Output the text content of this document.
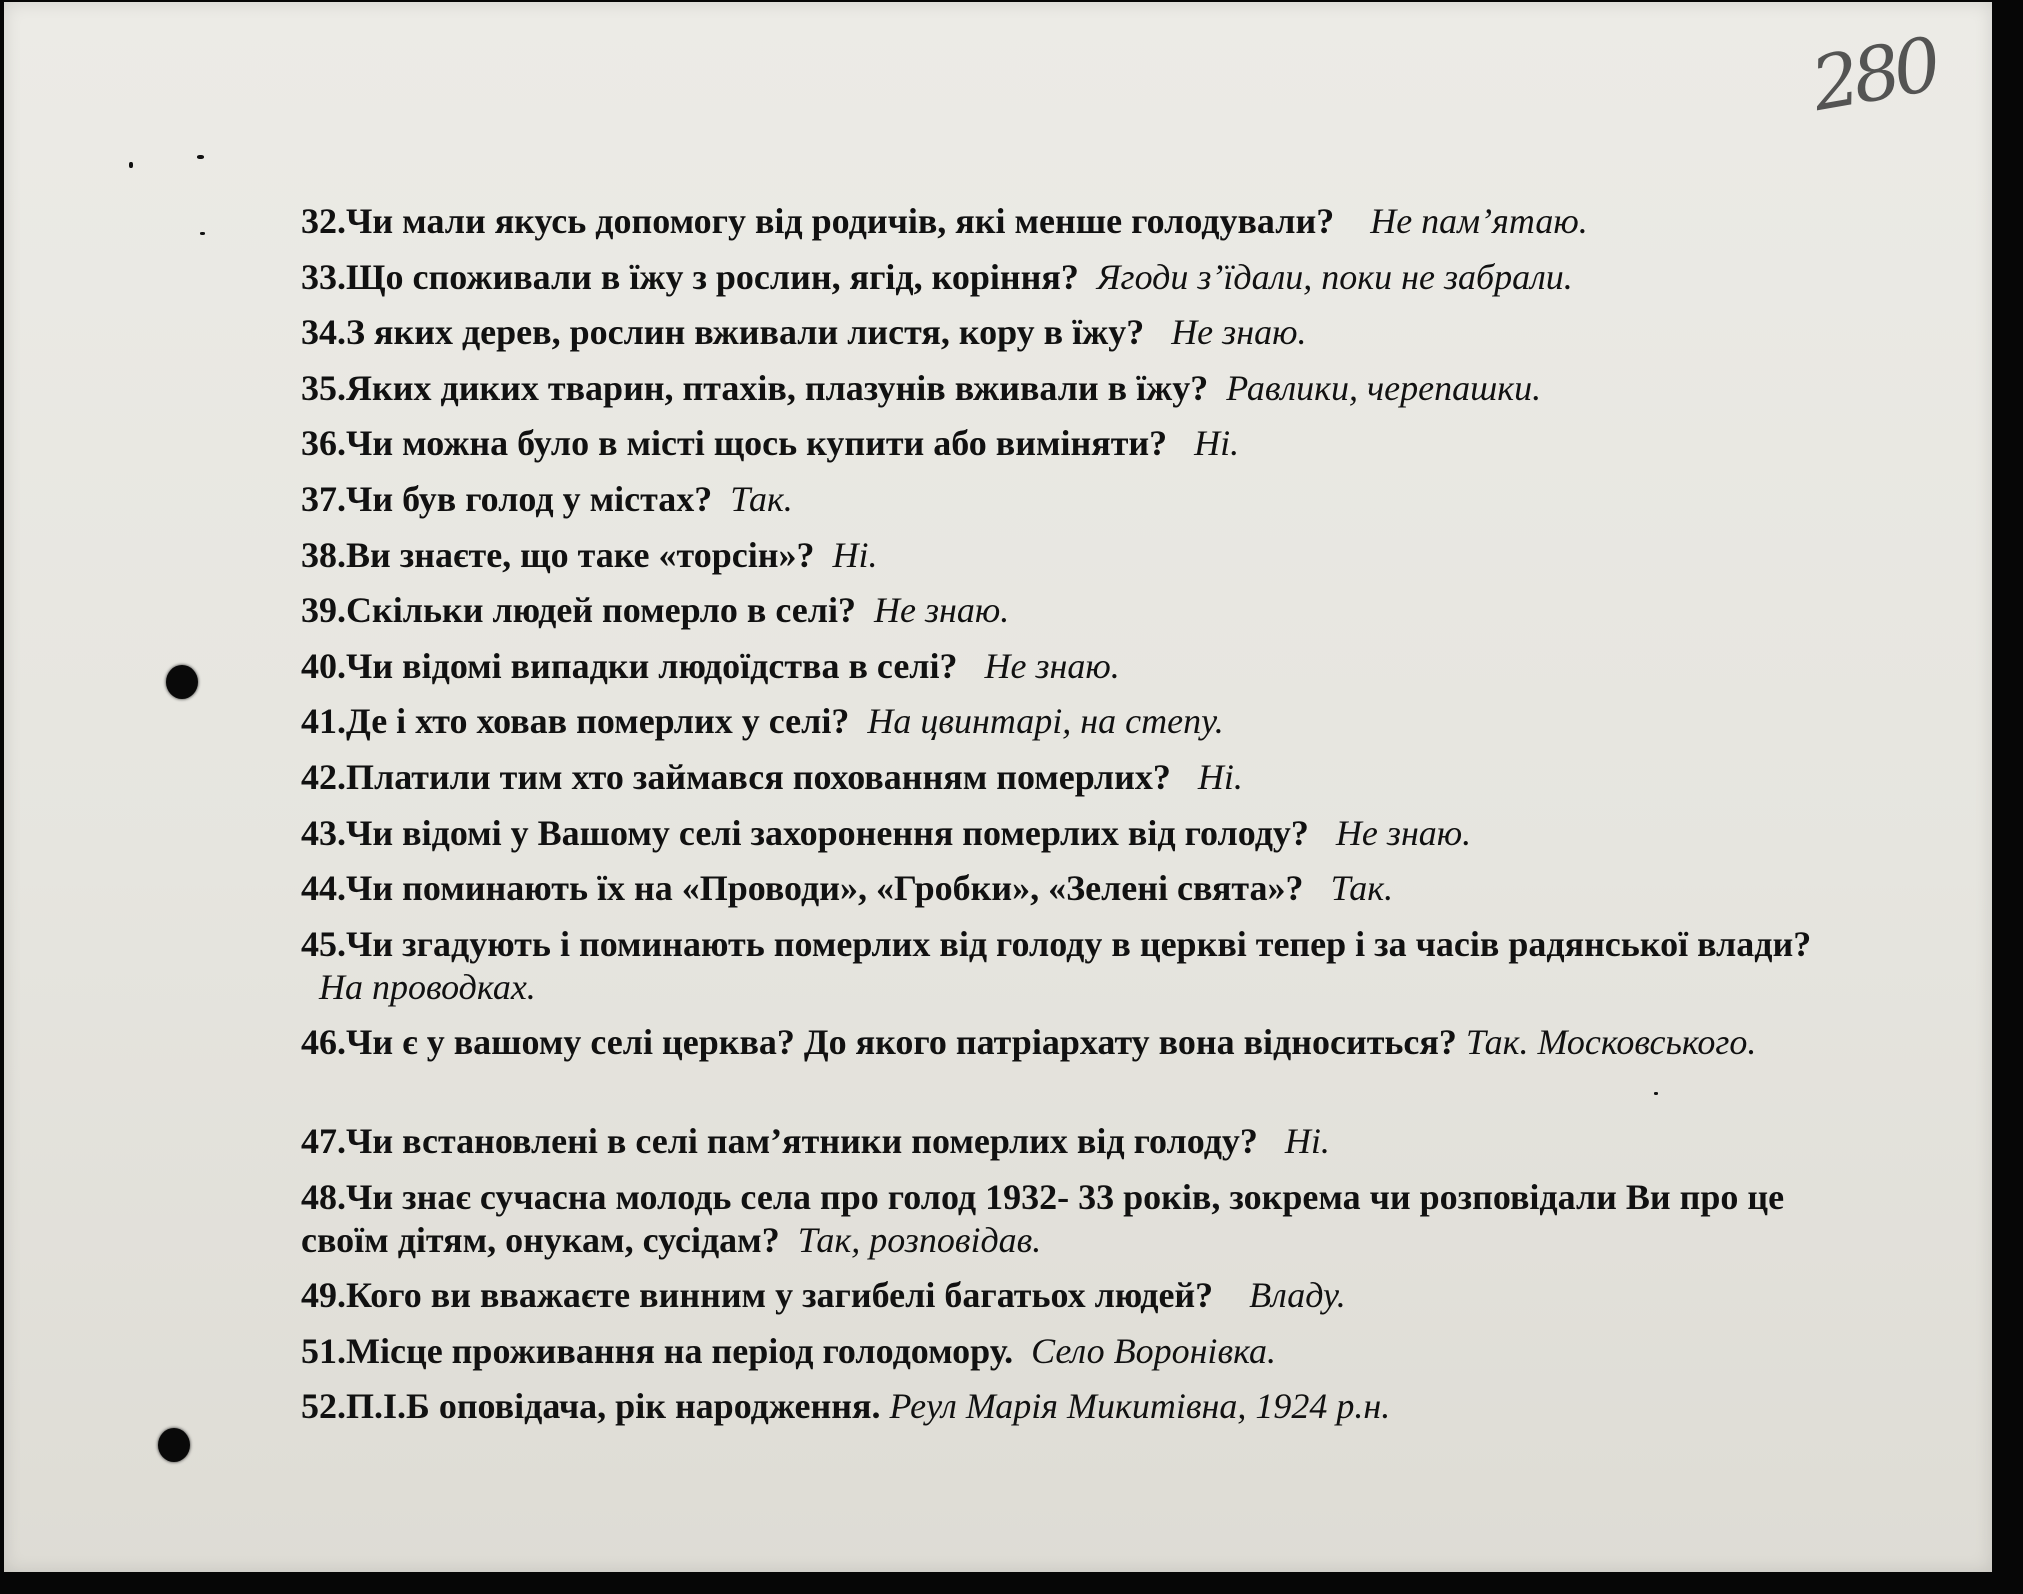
280

32.Чи мали якусь допомогу від родичів, які менше голодували? Не пам’ятаю.

33.Що споживали в їжу з рослин, ягід, коріння? Ягоди з’їдали, поки не забрали.

34.З яких дерев, рослин вживали листя, кору в їжу? Не знаю.

35.Яких диких тварин, птахів, плазунів вживали в їжу? Равлики, черепашки.

36.Чи можна було в місті щось купити або виміняти? Ні.

37.Чи був голод у містах? Так.

38.Ви знаєте, що таке «торсін»? Ні.

39.Скільки людей померло в селі? Не знаю.

40.Чи відомі випадки людоїдства в селі? Не знаю.

41.Де і хто ховав померлих у селі? На цвинтарі, на степу.

42.Платили тим хто займався похованням померлих? Ні.

43.Чи відомі у Вашому селі захоронення померлих від голоду? Не знаю.

44.Чи поминають їх на «Проводи», «Гробки», «Зелені свята»? Так.

45.Чи згадують і поминають померлих від голоду в церкві тепер і за часів радянської влади?  На проводках.

46.Чи є у вашому селі церква? До якого патріархату вона відноситься? Так. Московського.

47.Чи встановлені в селі пам’ятники померлих від голоду? Ні.

48.Чи знає сучасна молодь села про голод 1932- 33 років, зокрема чи розповідали Ви про це своїм дітям, онукам, сусідам? Так, розповідав.

49.Кого ви вважаєте винним у загибелі багатьох людей? Владу.

51.Місце проживання на період голодомору. Село Воронівка.

52.П.І.Б оповідача, рік народження. Реул Марія Микитівна, 1924 р.н.
